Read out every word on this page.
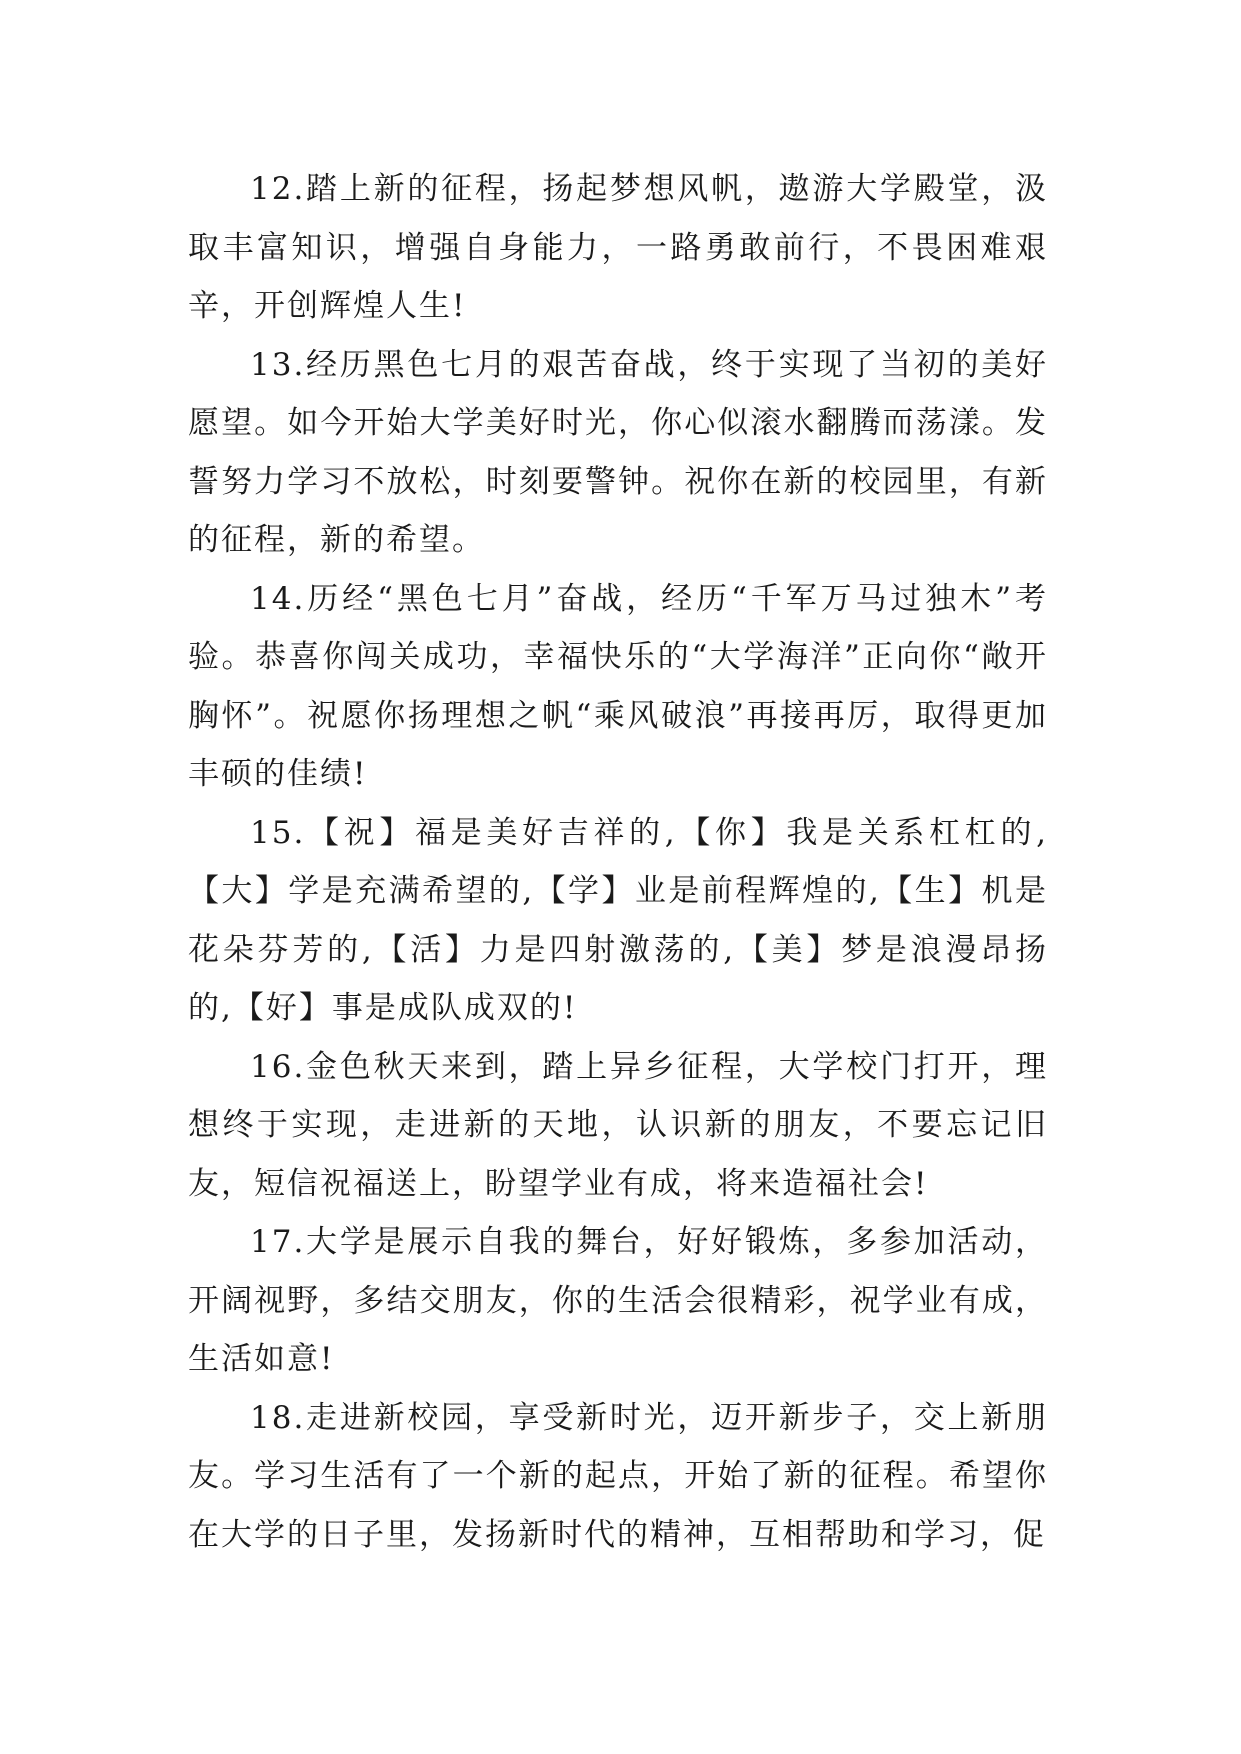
12.踏上新的征程，扬起梦想风帆，遨游大学殿堂，汲取丰富知识，增强自身能力，一路勇敢前行，不畏困难艰辛，开创辉煌人生!

13.经历黑色七月的艰苦奋战，终于实现了当初的美好愿望。如今开始大学美好时光，你心似滚水翻腾而荡漾。发誓努力学习不放松，时刻要警钟。祝你在新的校园里，有新的征程，新的希望。

14.历经“黑色七月”奋战，经历“千军万马过独木”考验。恭喜你闯关成功，幸福快乐的“大学海洋”正向你“敞开胸怀”。祝愿你扬理想之帆“乘风破浪”再接再厉，取得更加丰硕的佳绩!

15.【祝】福是美好吉祥的,【你】我是关系杠杠的,【大】学是充满希望的,【学】业是前程辉煌的,【生】机是花朵芬芳的,【活】力是四射激荡的,【美】梦是浪漫昂扬的,【好】事是成队成双的!

16.金色秋天来到，踏上异乡征程，大学校门打开，理想终于实现，走进新的天地，认识新的朋友，不要忘记旧友，短信祝福送上，盼望学业有成，将来造福社会!

17.大学是展示自我的舞台，好好锻炼，多参加活动，开阔视野，多结交朋友，你的生活会很精彩，祝学业有成，生活如意!

18.走进新校园，享受新时光，迈开新步子，交上新朋友。学习生活有了一个新的起点，开始了新的征程。希望你在大学的日子里，发扬新时代的精神，互相帮助和学习，促
